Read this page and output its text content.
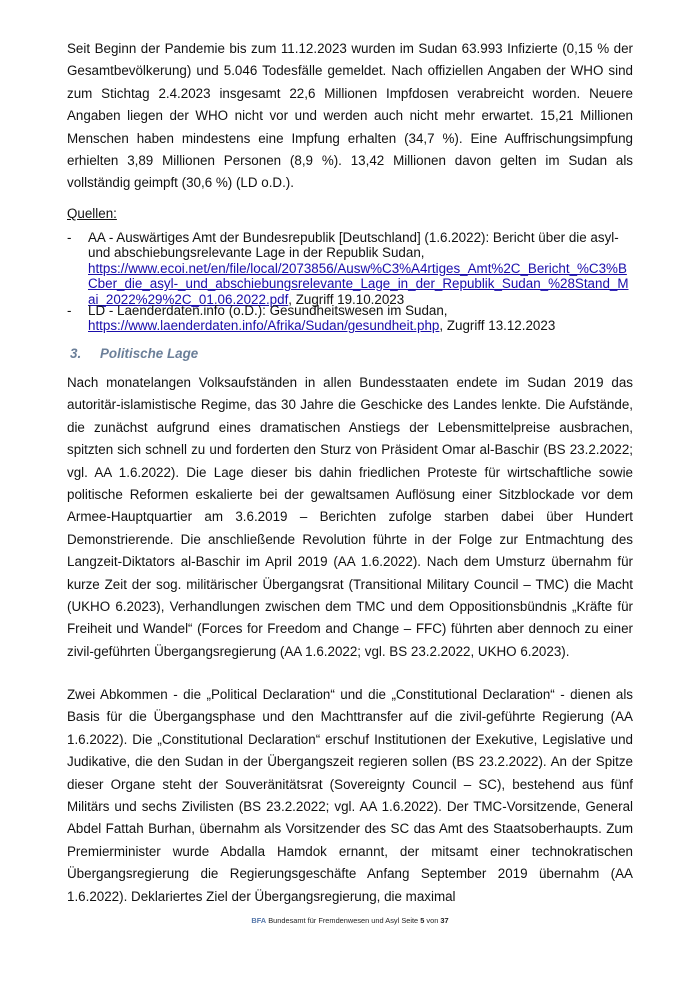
Seit Beginn der Pandemie bis zum 11.12.2023 wurden im Sudan 63.993 Infizierte (0,15 % der Gesamtbevölkerung) und 5.046 Todesfälle gemeldet. Nach offiziellen Angaben der WHO sind zum Stichtag 2.4.2023 insgesamt 22,6 Millionen Impfdosen verabreicht worden. Neuere Angaben liegen der WHO nicht vor und werden auch nicht mehr erwartet. 15,21 Millionen Menschen haben mindestens eine Impfung erhalten (34,7 %). Eine Auffrischungsimpfung erhielten 3,89 Millionen Personen (8,9 %). 13,42 Millionen davon gelten im Sudan als vollständig geimpft (30,6 %) (LD o.D.).

Quellen:

- AA - Auswärtiges Amt der Bundesrepublik [Deutschland] (1.6.2022): Bericht über die asyl- und abschiebungsrelevante Lage in der Republik Sudan,
https://www.ecoi.net/en/file/local/2073856/Ausw%C3%A4rtiges_Amt%2C_Bericht_%C3%BCber_die_asyl-_und_abschiebungsrelevante_Lage_in_der_Republik_Sudan_%28Stand_Mai_2022%29%2C_01.06.2022.pdf, Zugriff 19.10.2023
- LD - Laenderdaten.info (o.D.): Gesundheitswesen im Sudan,
https://www.laenderdaten.info/Afrika/Sudan/gesundheit.php, Zugriff 13.12.2023
3. Politische Lage

Nach monatelangen Volksaufständen in allen Bundesstaaten endete im Sudan 2019 das autoritär-islamistische Regime, das 30 Jahre die Geschicke des Landes lenkte. Die Aufstände, die zunächst aufgrund eines dramatischen Anstiegs der Lebensmittelpreise ausbrachen, spitzten sich schnell zu und forderten den Sturz von Präsident Omar al-Baschir (BS 23.2.2022; vgl. AA 1.6.2022). Die Lage dieser bis dahin friedlichen Proteste für wirtschaftliche sowie politische Reformen eskalierte bei der gewaltsamen Auflösung einer Sitzblockade vor dem Armee-Hauptquartier am 3.6.2019 – Berichten zufolge starben dabei über Hundert Demonstrierende. Die anschließende Revolution führte in der Folge zur Entmachtung des Langzeit-Diktators al-Baschir im April 2019 (AA 1.6.2022). Nach dem Umsturz übernahm für kurze Zeit der sog. militärischer Übergangsrat (Transitional Military Council – TMC) die Macht (UKHO 6.2023), Verhandlungen zwischen dem TMC und dem Oppositionsbündnis „Kräfte für Freiheit und Wandel“ (Forces for Freedom and Change – FFC) führten aber dennoch zu einer zivil-geführten Übergangsregierung (AA 1.6.2022; vgl. BS 23.2.2022, UKHO 6.2023).

Zwei Abkommen - die „Political Declaration“ und die „Constitutional Declaration“ - dienen als Basis für die Übergangsphase und den Machttransfer auf die zivil-geführte Regierung (AA 1.6.2022). Die „Constitutional Declaration“ erschuf Institutionen der Exekutive, Legislative und Judikative, die den Sudan in der Übergangszeit regieren sollen (BS 23.2.2022). An der Spitze dieser Organe steht der Souveränitätsrat (Sovereignty Council – SC), bestehend aus fünf Militärs und sechs Zivilisten (BS 23.2.2022; vgl. AA 1.6.2022). Der TMC-Vorsitzende, General Abdel Fattah Burhan, übernahm als Vorsitzender des SC das Amt des Staatsoberhaupts. Zum Premierminister wurde Abdalla Hamdok ernannt, der mitsamt einer technokratischen Übergangsregierung die Regierungsgeschäfte Anfang September 2019 übernahm (AA 1.6.2022). Deklariertes Ziel der Übergangsregierung, die maximal

BFA Bundesamt für Fremdenwesen und Asyl Seite 5 von 37
